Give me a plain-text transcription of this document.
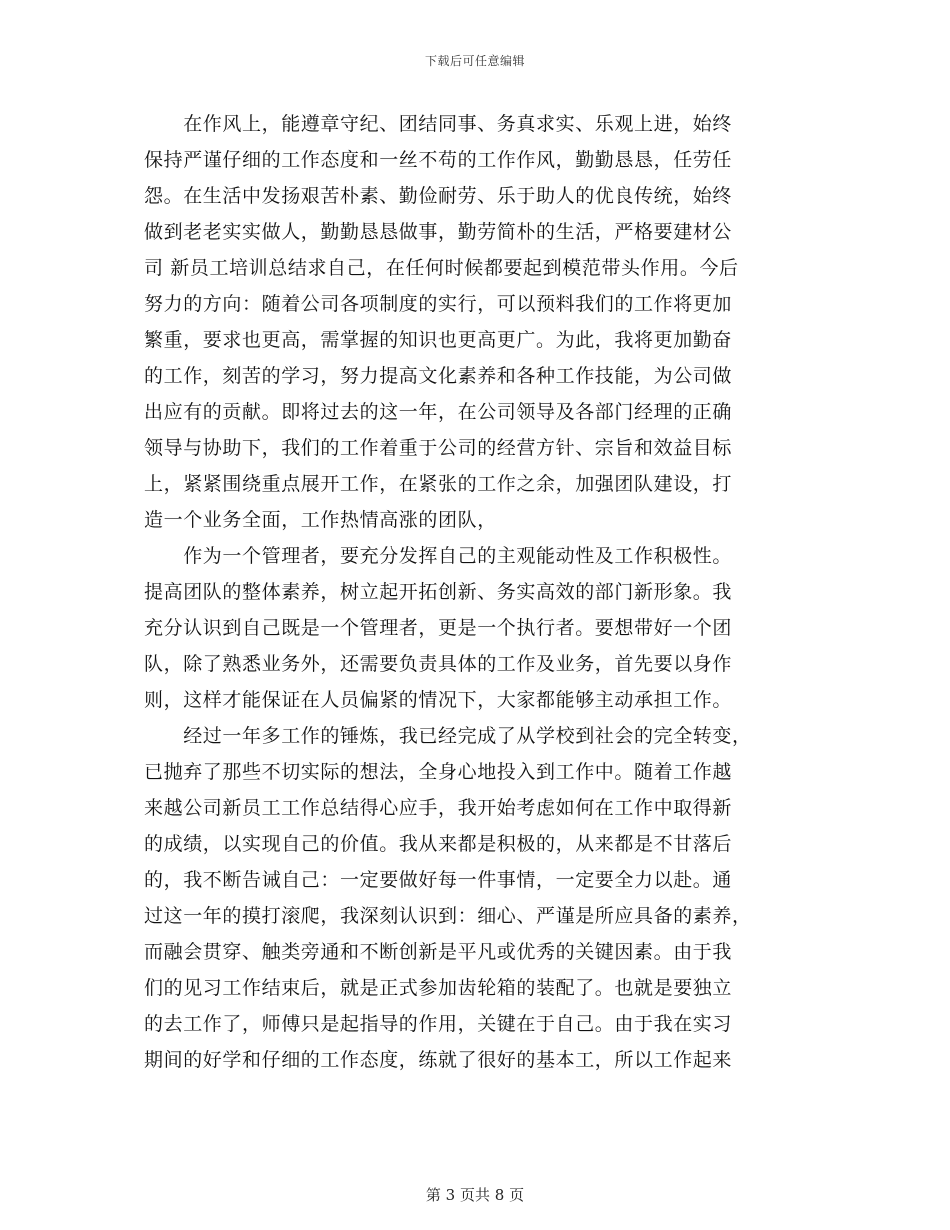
下载后可任意编辑
　　在作风上，能遵章守纪、团结同事、务真求实、乐观上进，始终
保持严谨仔细的工作态度和一丝不苟的工作作风，勤勤恳恳，任劳任
怨。在生活中发扬艰苦朴素、勤俭耐劳、乐于助人的优良传统，始终
做到老老实实做人，勤勤恳恳做事，勤劳简朴的生活，严格要建材公
司 新员工培训总结求自己，在任何时候都要起到模范带头作用。今后
努力的方向：随着公司各项制度的实行，可以预料我们的工作将更加
繁重，要求也更高，需掌握的知识也更高更广。为此，我将更加勤奋
的工作，刻苦的学习，努力提高文化素养和各种工作技能，为公司做
出应有的贡献。即将过去的这一年，在公司领导及各部门经理的正确
领导与协助下，我们的工作着重于公司的经营方针、宗旨和效益目标
上，紧紧围绕重点展开工作，在紧张的工作之余，加强团队建设，打
造一个业务全面，工作热情高涨的团队，
　　作为一个管理者，要充分发挥自己的主观能动性及工作积极性。
提高团队的整体素养，树立起开拓创新、务实高效的部门新形象。我
充分认识到自己既是一个管理者，更是一个执行者。要想带好一个团
队，除了熟悉业务外，还需要负责具体的工作及业务，首先要以身作
则，这样才能保证在人员偏紧的情况下，大家都能够主动承担工作。
　　经过一年多工作的锤炼，我已经完成了从学校到社会的完全转变，
已抛弃了那些不切实际的想法，全身心地投入到工作中。随着工作越
来越公司新员工工作总结得心应手，我开始考虑如何在工作中取得新
的成绩，以实现自己的价值。我从来都是积极的，从来都是不甘落后
的，我不断告诫自己：一定要做好每一件事情，一定要全力以赴。通
过这一年的摸打滚爬，我深刻认识到：细心、严谨是所应具备的素养，
而融会贯穿、触类旁通和不断创新是平凡或优秀的关键因素。由于我
们的见习工作结束后，就是正式参加齿轮箱的装配了。也就是要独立
的去工作了，师傅只是起指导的作用，关键在于自己。由于我在实习
期间的好学和仔细的工作态度，练就了很好的基本工，所以工作起来
第 3 页共 8 页
